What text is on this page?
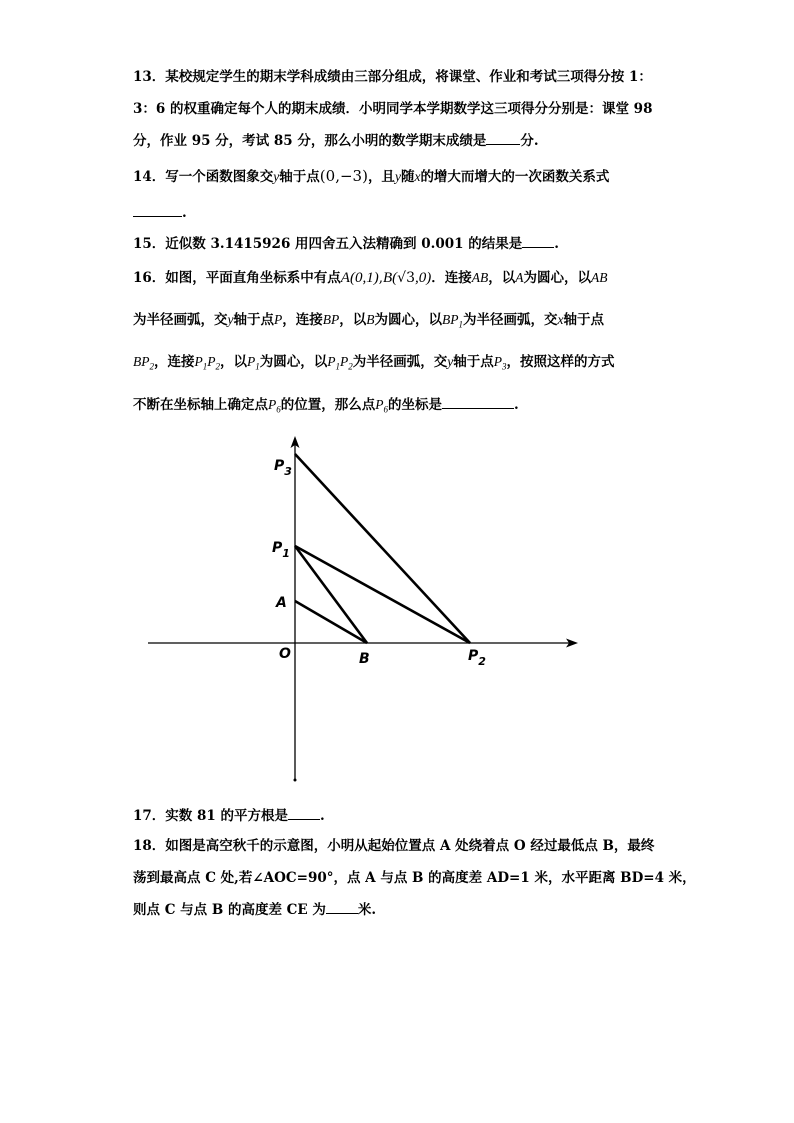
13．某校规定学生的期末学科成绩由三部分组成，将课堂、作业和考试三项得分按 1：
3：6 的权重确定每个人的期末成绩．小明同学本学期数学这三项得分分别是：课堂 98
分，作业 95 分，考试 85 分，那么小明的数学期末成绩是	分.
14．写一个函数图象交y轴于点(0,−3)，且y随x的增大而增大的一次函数关系式
.
15．近似数 3.1415926 用四舍五入法精确到 0.001 的结果是 .
16．如图，平面直角坐标系中有点A(0,1),B(√3,0)．连接AB，以A为圆心，以AB
为半径画弧，交y轴于点P，连接BP，以B为圆心，以$BP_1$为半径画弧，交x轴于点
$BP_2$，连接$P_1P_2$，以$P_1$为圆心，以$P_1P_2$为半径画弧，交y轴于点$P_3$，按照这样的方式
不断在坐标轴上确定点$P_6$的位置，那么点$P_6$的坐标是	.
$P_3$
$P_1$
A
O	B	$P_2$
17．实数 81 的平方根是 .
18．如图是高空秋千的示意图，小明从起始位置点 A 处绕着点 O 经过最低点 B，最终
荡到最高点 C 处,若∠AOC=90°，点 A 与点 B 的高度差 AD=1 米，水平距离 BD=4 米，
则点 C 与点 B 的高度差 CE 为 米.
